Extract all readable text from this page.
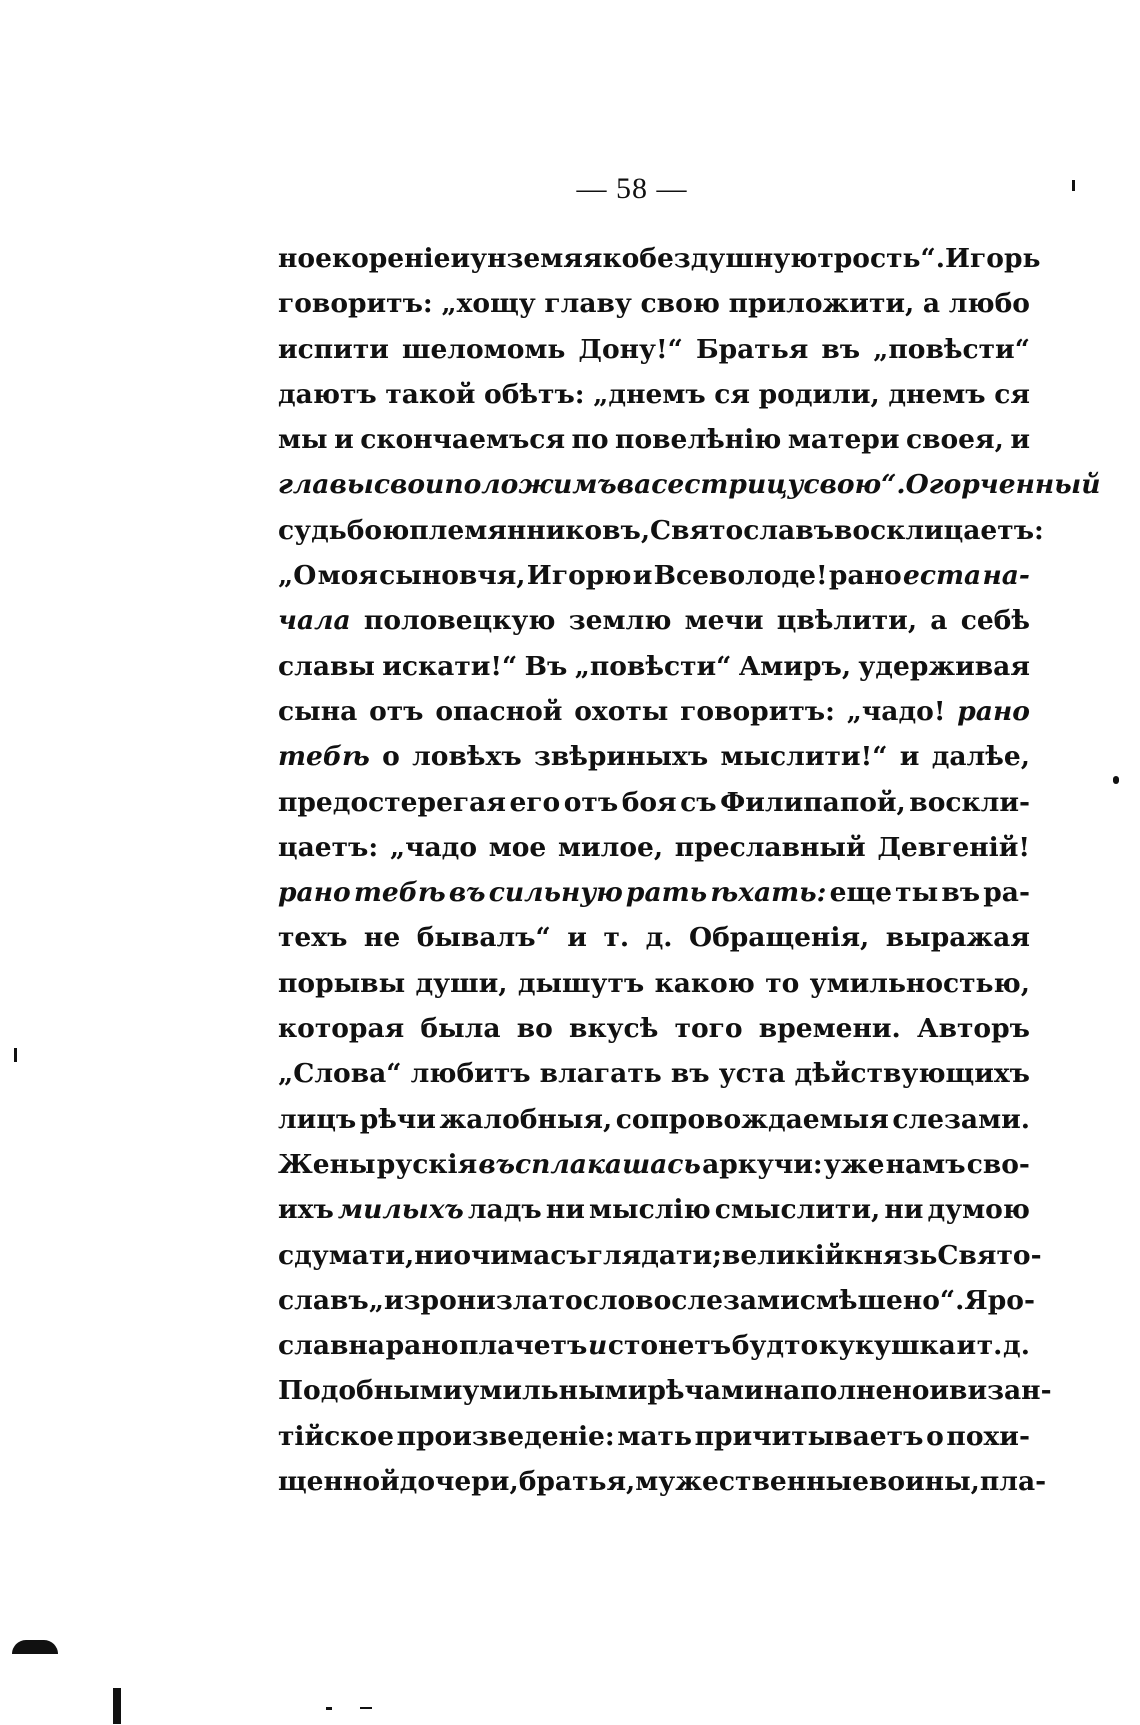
— 58 —
ное кореніе и унзе мя яко бездушную трость“. Игорь
говоритъ: „хощу главу свою приложити, а любо
испити шеломомь Дону!“ Братья въ „повѣсти“
даютъ такой обѣтъ: „днемъ ся родили, днемъ ся
мы и скончаемъся по повелѣнію матери своея, и
главы свои положимъ ва сестрицу свою“. Огорченный
судьбою племянниковъ, Святославъ восклицаетъ:
„О моя сыновчя, Игорю и Всеволоде! рано еста на-
чала половецкую землю мечи цвѣлити, а себѣ
славы искати!“ Въ „повѣсти“ Амиръ, удерживая
сына отъ опасной охоты говоритъ: „чадо! рано
тебѣ о ловѣхъ звѣриныхъ мыслити!“ и далѣе,
предостерегая его отъ боя съ Филипапой, воскли-
цаетъ: „чадо мое милое, преславный Девгеній!
рано тебѣ въ сильную рать ѣхать: еще ты въ ра-
техъ не бывалъ“ и т. д. Обращенія, выражая
порывы души, дышутъ какою то умильностью,
которая была во вкусѣ того времени. Авторъ
„Слова“ любитъ влагать въ уста дѣйствующихъ
лицъ рѣчи жалобныя, сопровождаемыя слезами.
Жены рускія въсплакашась аркучи: уже намъ сво-
ихъ милыхъ ладъ ни мыслію смыслити, ни думою
сдумати, ни очима съглядати; великій князь Свято-
славъ „изрони злато слово слезами смѣшено“. Яро-
славна рано плачетъ и стонетъ будто кукушка и т. д.
Подобными умильными рѣчами наполнено и визан-
тійское произведеніе: мать причитываетъ о похи-
щенной дочери, братья, мужественные воины, пла-
